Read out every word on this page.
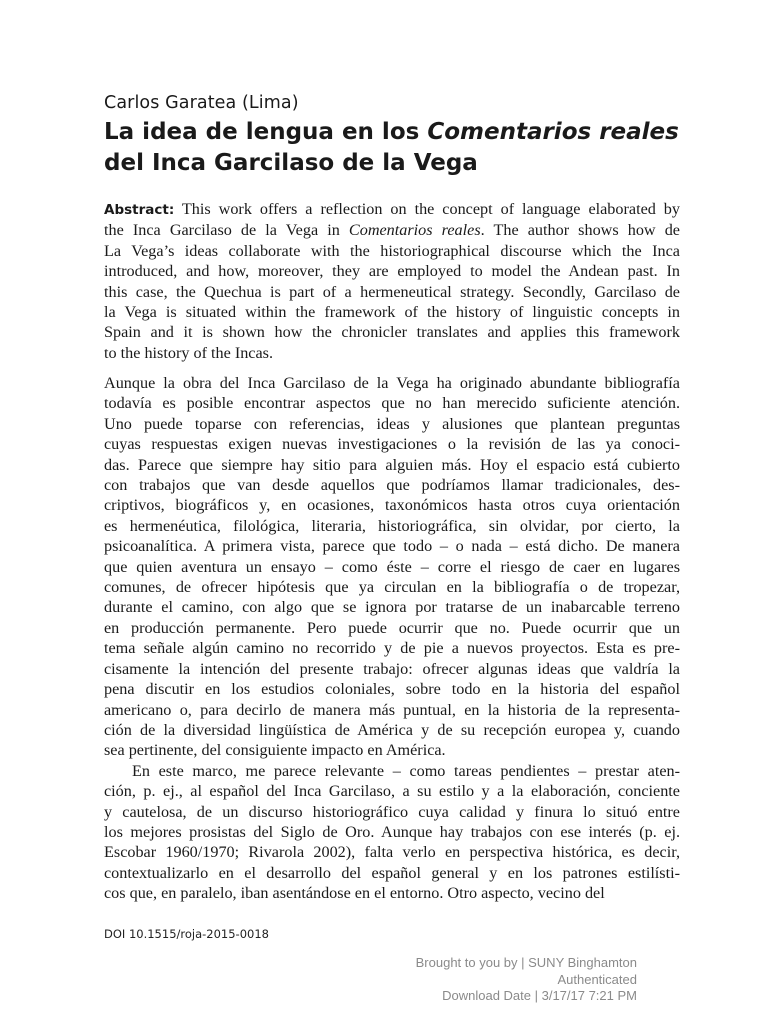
Carlos Garatea (Lima)
La idea de lengua en los Comentarios reales
del Inca Garcilaso de la Vega
Abstract: This work offers a reflection on the concept of language elaborated by
the Inca Garcilaso de la Vega in Comentarios reales. The author shows how de
La Vega’s ideas collaborate with the historiographical discourse which the Inca
introduced, and how, moreover, they are employed to model the Andean past. In
this case, the Quechua is part of a hermeneutical strategy. Secondly, Garcilaso de
la Vega is situated within the framework of the history of linguistic concepts in
Spain and it is shown how the chronicler translates and applies this framework
to the history of the Incas.
Aunque la obra del Inca Garcilaso de la Vega ha originado abundante bibliografía
todavía es posible encontrar aspectos que no han merecido suficiente atención.
Uno puede toparse con referencias, ideas y alusiones que plantean preguntas
cuyas respuestas exigen nuevas investigaciones o la revisión de las ya conoci-
das. Parece que siempre hay sitio para alguien más. Hoy el espacio está cubierto
con trabajos que van desde aquellos que podríamos llamar tradicionales, des-
criptivos, biográficos y, en ocasiones, taxonómicos hasta otros cuya orientación
es hermenéutica, filológica, literaria, historiográfica, sin olvidar, por cierto, la
psicoanalítica. A primera vista, parece que todo – o nada – está dicho. De manera
que quien aventura un ensayo – como éste – corre el riesgo de caer en lugares
comunes, de ofrecer hipótesis que ya circulan en la bibliografía o de tropezar,
durante el camino, con algo que se ignora por tratarse de un inabarcable terreno
en producción permanente. Pero puede ocurrir que no. Puede ocurrir que un
tema señale algún camino no recorrido y de pie a nuevos proyectos. Esta es pre-
cisamente la intención del presente trabajo: ofrecer algunas ideas que valdría la
pena discutir en los estudios coloniales, sobre todo en la historia del español
americano o, para decirlo de manera más puntual, en la historia de la representa-
ción de la diversidad lingüística de América y de su recepción europea y, cuando
sea pertinente, del consiguiente impacto en América.
En este marco, me parece relevante – como tareas pendientes – prestar aten-
ción, p. ej., al español del Inca Garcilaso, a su estilo y a la elaboración, conciente
y cautelosa, de un discurso historiográfico cuya calidad y finura lo situó entre
los mejores prosistas del Siglo de Oro. Aunque hay trabajos con ese interés (p. ej.
Escobar 1960/1970; Rivarola 2002), falta verlo en perspectiva histórica, es decir,
contextualizarlo en el desarrollo del español general y en los patrones estilísti-
cos que, en paralelo, iban asentándose en el entorno. Otro aspecto, vecino del
DOI 10.1515/roja-2015-0018
Brought to you by | SUNY Binghamton
Authenticated
Download Date | 3/17/17 7:21 PM
